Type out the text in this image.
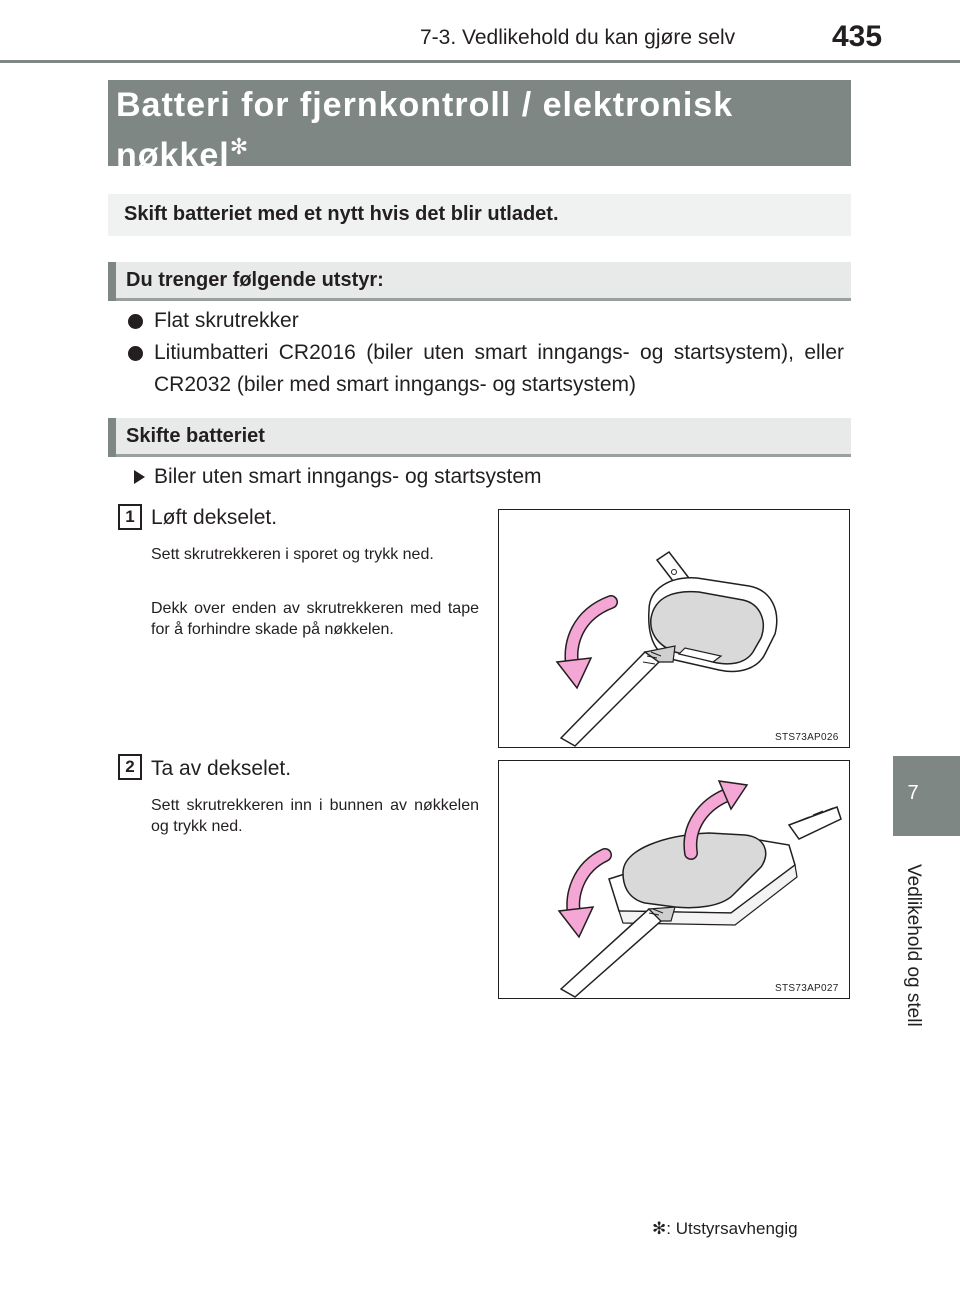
7-3. Vedlikehold du kan gjøre selv	435
7
Vedlikehold og stell
Batteri for fjernkontroll / elektronisk nøkkel✻
Skift batteriet med et nytt hvis det blir utladet.
Du trenger følgende utstyr:
Flat skrutrekker
Litiumbatteri CR2016 (biler uten smart inngangs- og startsystem), eller CR2032 (biler med smart inngangs- og startsystem)
Skifte batteriet
Biler uten smart inngangs- og startsystem
1 Løft dekselet.
Sett skrutrekkeren i sporet og trykk ned.
Dekk over enden av skrutrekkeren med tape for å forhindre skade på nøkkelen.
STS73AP026
2 Ta av dekselet.
Sett skrutrekkeren inn i bunnen av nøkkelen og trykk ned.
STS73AP027
✻: Utstyrsavhengig
